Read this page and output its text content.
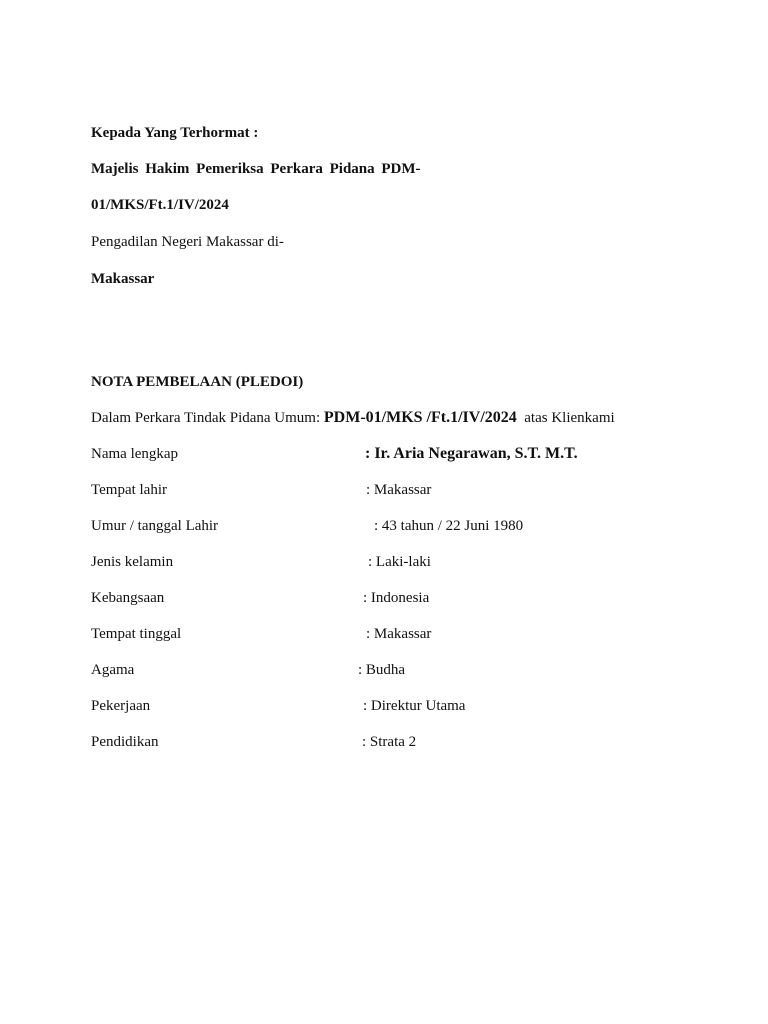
Kepada Yang Terhormat :
Majelis Hakim Pemeriksa Perkara Pidana PDM-
01/MKS/Ft.1/IV/2024
Pengadilan Negeri Makassar di-
Makassar
NOTA PEMBELAAN (PLEDOI)
Dalam Perkara Tindak Pidana Umum: PDM-01/MKS /Ft.1/IV/2024 atas Klienkami
Nama lengkap	: Ir. Aria Negarawan, S.T. M.T.
Tempat lahir	: Makassar
Umur / tanggal Lahir	: 43 tahun / 22 Juni 1980
Jenis kelamin	: Laki-laki
Kebangsaan	: Indonesia
Tempat tinggal	: Makassar
Agama	: Budha
Pekerjaan	: Direktur Utama
Pendidikan	: Strata 2
